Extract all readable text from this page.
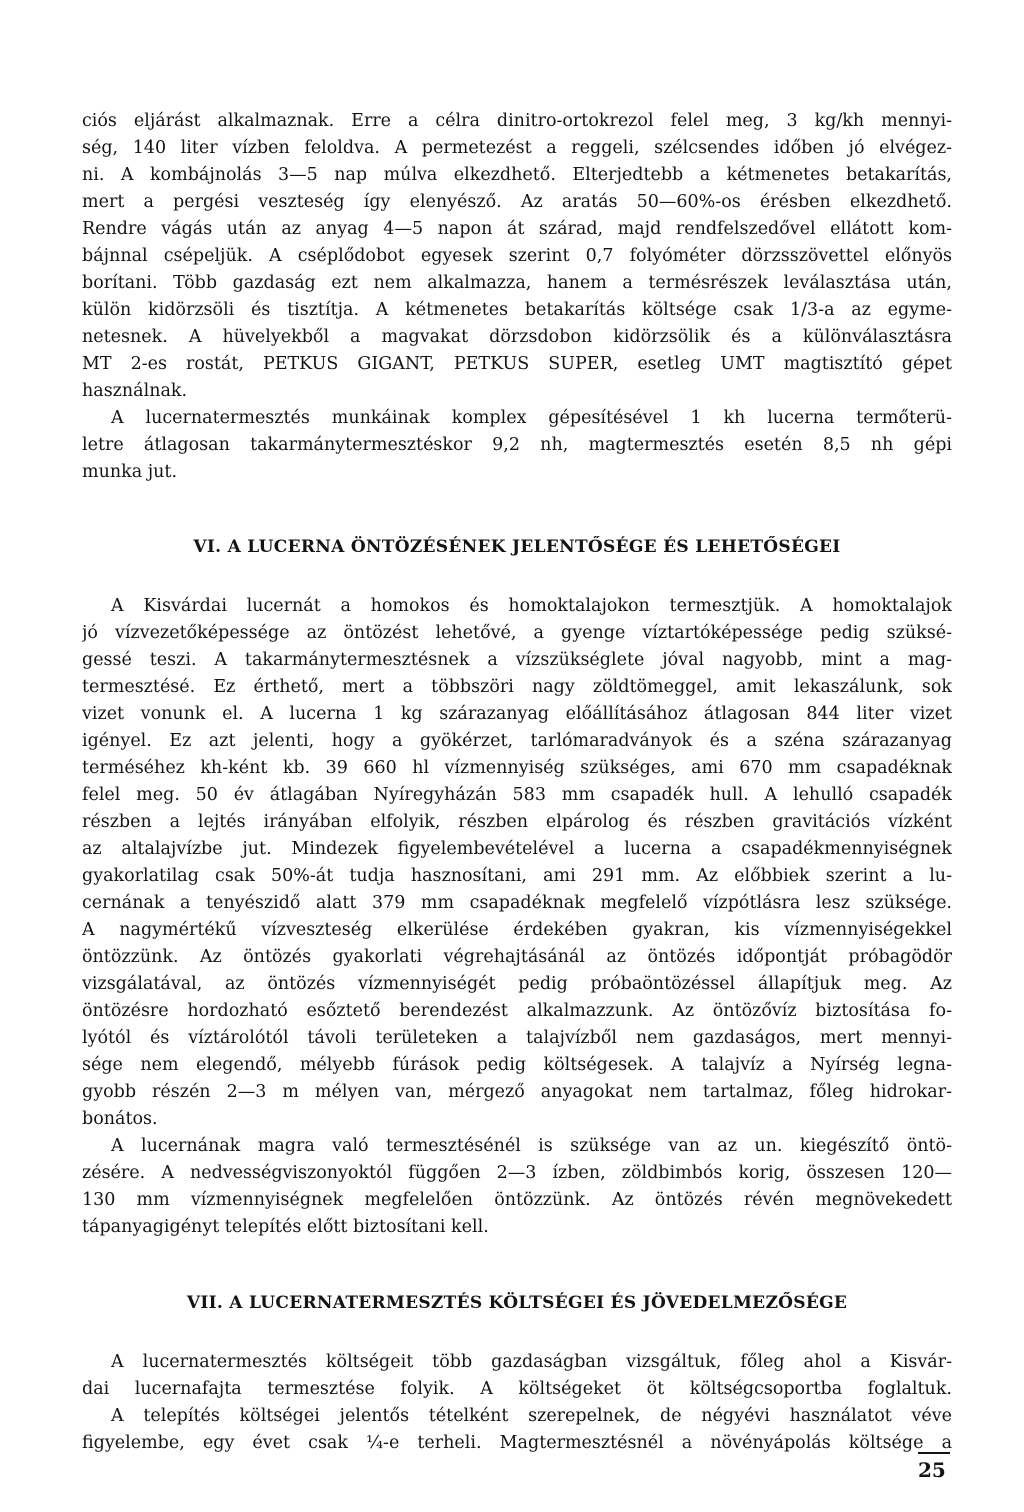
ciós eljárást alkalmaznak. Erre a célra dinitro-ortokrezol felel meg, 3 kg/kh mennyi-
ség, 140 liter vízben feloldva. A permetezést a reggeli, szélcsendes időben jó elvégez-
ni. A kombájnolás 3—5 nap múlva elkezdhető. Elterjedtebb a kétmenetes betakarítás,
mert a pergési veszteség így elenyésző. Az aratás 50—60%-os érésben elkezdhető.
Rendre vágás után az anyag 4—5 napon át szárad, majd rendfelszedővel ellátott kom-
bájnnal csépeljük. A cséplődobot egyesek szerint 0,7 folyóméter dörzsszövettel előnyös
borítani. Több gazdaság ezt nem alkalmazza, hanem a termésrészek leválasztása után,
külön kidörzsöli és tisztítja. A kétmenetes betakarítás költsége csak 1/3-a az egyme-
netesnek. A hüvelyekből a magvakat dörzsdobon kidörzsölik és a különválasztásra
MT 2-es rostát, PETKUS GIGANT, PETKUS SUPER, esetleg UMT magtisztító gépet
használnak.
A lucernatermesztés munkáinak komplex gépesítésével 1 kh lucerna termőterü-
letre átlagosan takarmánytermesztéskor 9,2 nh, magtermesztés esetén 8,5 nh gépi
munka jut.
VI. A LUCERNA ÖNTÖZÉSÉNEK JELENTŐSÉGE ÉS LEHETŐSÉGEI
A Kisvárdai lucernát a homokos és homoktalajokon termesztjük. A homoktalajok
jó vízvezetőképessége az öntözést lehetővé, a gyenge víztartóképessége pedig szüksé-
gessé teszi. A takarmánytermesztésnek a vízszükséglete jóval nagyobb, mint a mag-
termesztésé. Ez érthető, mert a többszöri nagy zöldtömeggel, amit lekaszálunk, sok
vizet vonunk el. A lucerna 1 kg szárazanyag előállításához átlagosan 844 liter vizet
igényel. Ez azt jelenti, hogy a gyökérzet, tarlómaradványok és a széna szárazanyag
terméséhez kh-ként kb. 39 660 hl vízmennyiség szükséges, ami 670 mm csapadéknak
felel meg. 50 év átlagában Nyíregyházán 583 mm csapadék hull. A lehulló csapadék
részben a lejtés irányában elfolyik, részben elpárolog és részben gravitációs vízként
az altalajvízbe jut. Mindezek figyelembevételével a lucerna a csapadékmennyiségnek
gyakorlatilag csak 50%-át tudja hasznosítani, ami 291 mm. Az előbbiek szerint a lu-
cernának a tenyészidő alatt 379 mm csapadéknak megfelelő vízpótlásra lesz szüksége.
A nagymértékű vízveszteség elkerülése érdekében gyakran, kis vízmennyiségekkel
öntözzünk. Az öntözés gyakorlati végrehajtásánál az öntözés időpontját próbagödör
vizsgálatával, az öntözés vízmennyiségét pedig próbaöntözéssel állapítjuk meg. Az
öntözésre hordozható esőztető berendezést alkalmazzunk. Az öntözővíz biztosítása fo-
lyótól és víztárolótól távoli területeken a talajvízből nem gazdaságos, mert mennyi-
sége nem elegendő, mélyebb fúrások pedig költségesek. A talajvíz a Nyírség legna-
gyobb részén 2—3 m mélyen van, mérgező anyagokat nem tartalmaz, főleg hidrokar-
bonátos.
A lucernának magra való termesztésénél is szüksége van az un. kiegészítő öntö-
zésére. A nedvességviszonyoktól függően 2—3 ízben, zöldbimbós korig, összesen 120—
130 mm vízmennyiségnek megfelelően öntözzünk. Az öntözés révén megnövekedett
tápanyagigényt telepítés előtt biztosítani kell.
VII. A LUCERNATERMESZTÉS KÖLTSÉGEI ÉS JÖVEDELMEZŐSÉGE
A lucernatermesztés költségeit több gazdaságban vizsgáltuk, főleg ahol a Kisvár-
dai lucernafajta termesztése folyik. A költségeket öt költségcsoportba foglaltuk.
A telepítés költségei jelentős tételként szerepelnek, de négyévi használatot véve
figyelembe, egy évet csak ¼-e terheli. Magtermesztésnél a növényápolás költsége a
25
